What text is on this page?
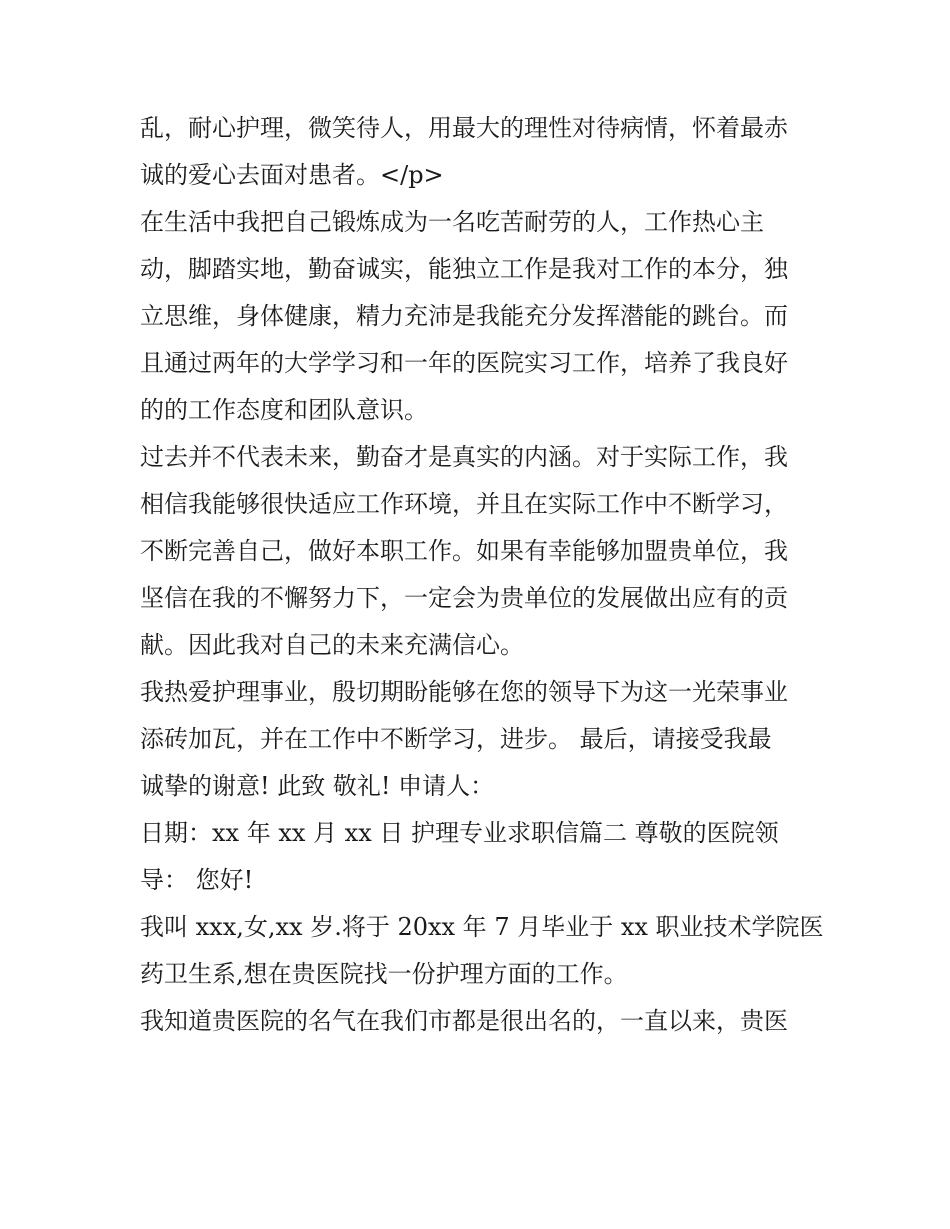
乱，耐心护理，微笑待人，用最大的理性对待病情，怀着最赤
诚的爱心去面对患者。</p>
在生活中我把自己锻炼成为一名吃苦耐劳的人，工作热心主
动，脚踏实地，勤奋诚实，能独立工作是我对工作的本分，独
立思维，身体健康，精力充沛是我能充分发挥潜能的跳台。而
且通过两年的大学学习和一年的医院实习工作，培养了我良好
的的工作态度和团队意识。
过去并不代表未来，勤奋才是真实的内涵。对于实际工作，我
相信我能够很快适应工作环境，并且在实际工作中不断学习，
不断完善自己，做好本职工作。如果有幸能够加盟贵单位，我
坚信在我的不懈努力下，一定会为贵单位的发展做出应有的贡
献。因此我对自己的未来充满信心。
我热爱护理事业，殷切期盼能够在您的领导下为这一光荣事业
添砖加瓦，并在工作中不断学习，进步。 最后，请接受我最
诚挚的谢意! 此致 敬礼! 申请人：
日期：xx 年 xx 月 xx 日 护理专业求职信篇二 尊敬的医院领
导： 您好!
我叫 xxx,女,xx 岁.将于 20xx 年 7 月毕业于 xx 职业技术学院医
药卫生系,想在贵医院找一份护理方面的工作。
我知道贵医院的名气在我们市都是很出名的，一直以来，贵医
